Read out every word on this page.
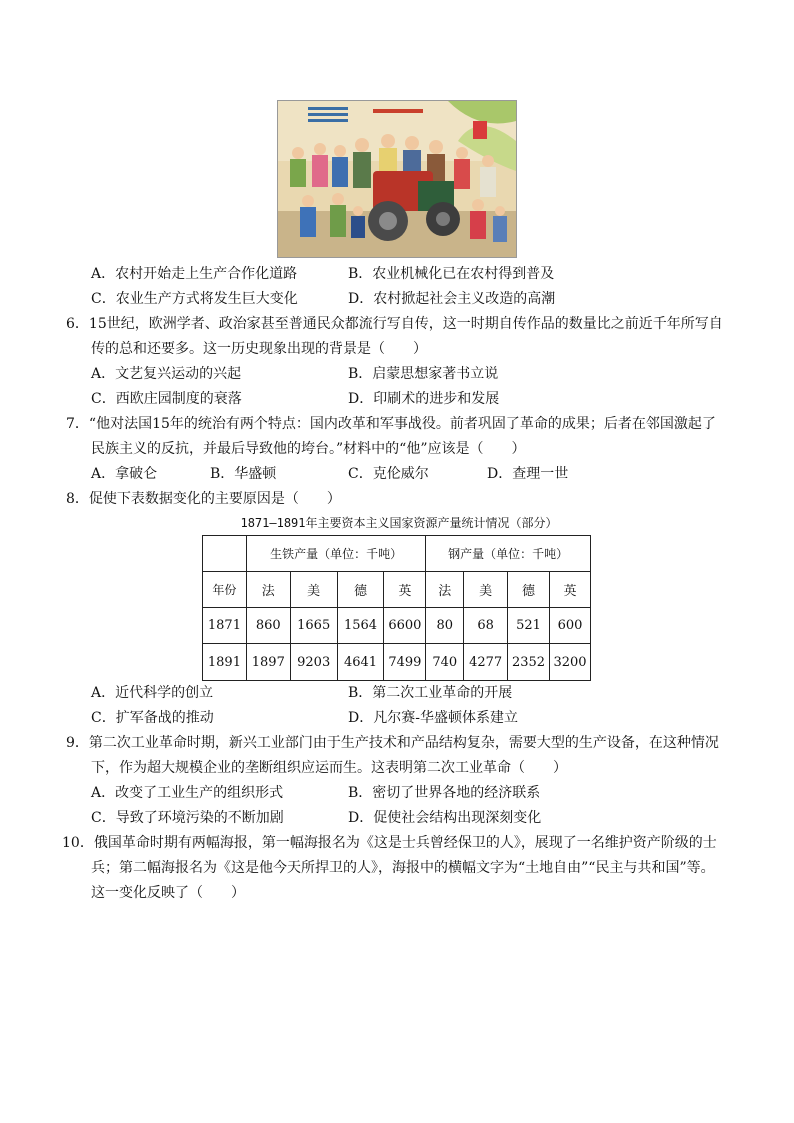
A．农村开始走上生产合作化道路	B．农业机械化已在农村得到普及
C．农业生产方式将发生巨大变化	D．农村掀起社会主义改造的高潮
6．15世纪，欧洲学者、政治家甚至普通民众都流行写自传，这一时期自传作品的数量比之前近千年所写自
传的总和还要多。这一历史现象出现的背景是（　　）
A．文艺复兴运动的兴起	B．启蒙思想家著书立说
C．西欧庄园制度的衰落	D．印刷术的进步和发展
7．“他对法国15年的统治有两个特点：国内改革和军事战役。前者巩固了革命的成果；后者在邻国激起了
民族主义的反抗，并最后导致他的垮台。”材料中的“他”应该是（　　）
A．拿破仑	B．华盛顿	C．克伦威尔	D．查理一世
8．促使下表数据变化的主要原因是（　　）
1871—1891年主要资本主义国家资源产量统计情况（部分）
	生铁产量（单位：千吨）				钢产量（单位：千吨）			
年份	法	美	德	英	法	美	德	英
1871	860	1665	1564	6600	80	68	521	600
1891	1897	9203	4641	7499	740	4277	2352	3200
A．近代科学的创立	B．第二次工业革命的开展
C．扩军备战的推动	D．凡尔赛-华盛顿体系建立
9．第二次工业革命时期，新兴工业部门由于生产技术和产品结构复杂，需要大型的生产设备，在这种情况
下，作为超大规模企业的垄断组织应运而生。这表明第二次工业革命（　　）
A．改变了工业生产的组织形式	B．密切了世界各地的经济联系
C．导致了环境污染的不断加剧	D．促使社会结构出现深刻变化
10．俄国革命时期有两幅海报，第一幅海报名为《这是士兵曾经保卫的人》，展现了一名维护资产阶级的士
兵；第二幅海报名为《这是他今天所捍卫的人》，海报中的横幅文字为“土地自由”“民主与共和国”等。
这一变化反映了（　　）
